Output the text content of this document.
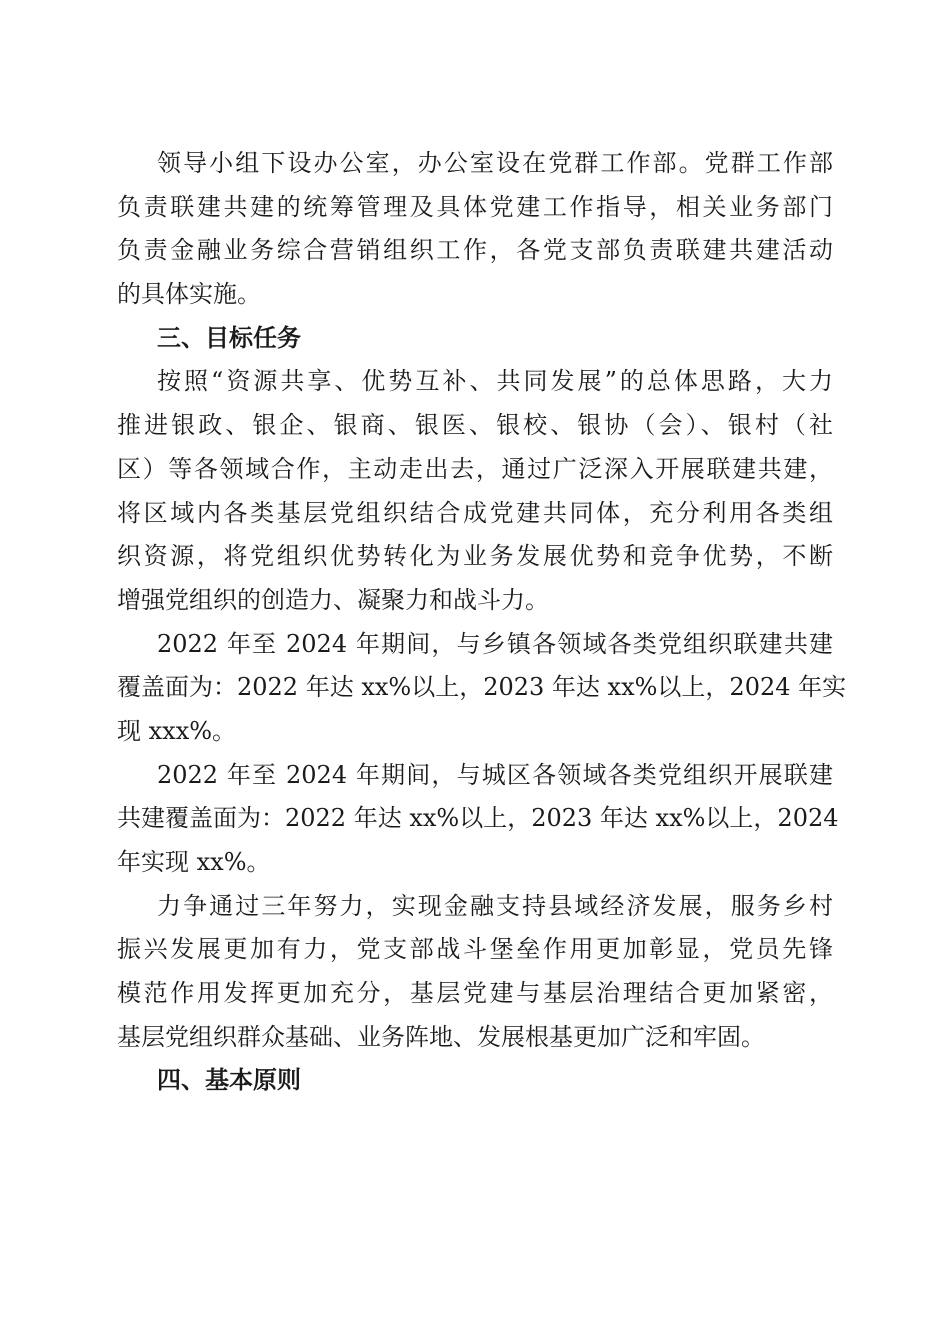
领导小组下设办公室，办公室设在党群工作部。党群工作部
负责联建共建的统筹管理及具体党建工作指导，相关业务部门
负责金融业务综合营销组织工作，各党支部负责联建共建活动
的具体实施。
三、目标任务
按照“资源共享、优势互补、共同发展”的总体思路，大力
推进银政、银企、银商、银医、银校、银协（会）、银村（社
区）等各领域合作，主动走出去，通过广泛深入开展联建共建，
将区域内各类基层党组织结合成党建共同体，充分利用各类组
织资源，将党组织优势转化为业务发展优势和竞争优势，不断
增强党组织的创造力、凝聚力和战斗力。
2022 年至 2024 年期间，与乡镇各领域各类党组织联建共建
覆盖面为：2022 年达 xx%以上，2023 年达 xx%以上，2024 年实
现 xxx%。
2022 年至 2024 年期间，与城区各领域各类党组织开展联建
共建覆盖面为：2022 年达 xx%以上，2023 年达 xx%以上，2024
年实现 xx%。
力争通过三年努力，实现金融支持县域经济发展，服务乡村
振兴发展更加有力，党支部战斗堡垒作用更加彰显，党员先锋
模范作用发挥更加充分，基层党建与基层治理结合更加紧密，
基层党组织群众基础、业务阵地、发展根基更加广泛和牢固。
四、基本原则
